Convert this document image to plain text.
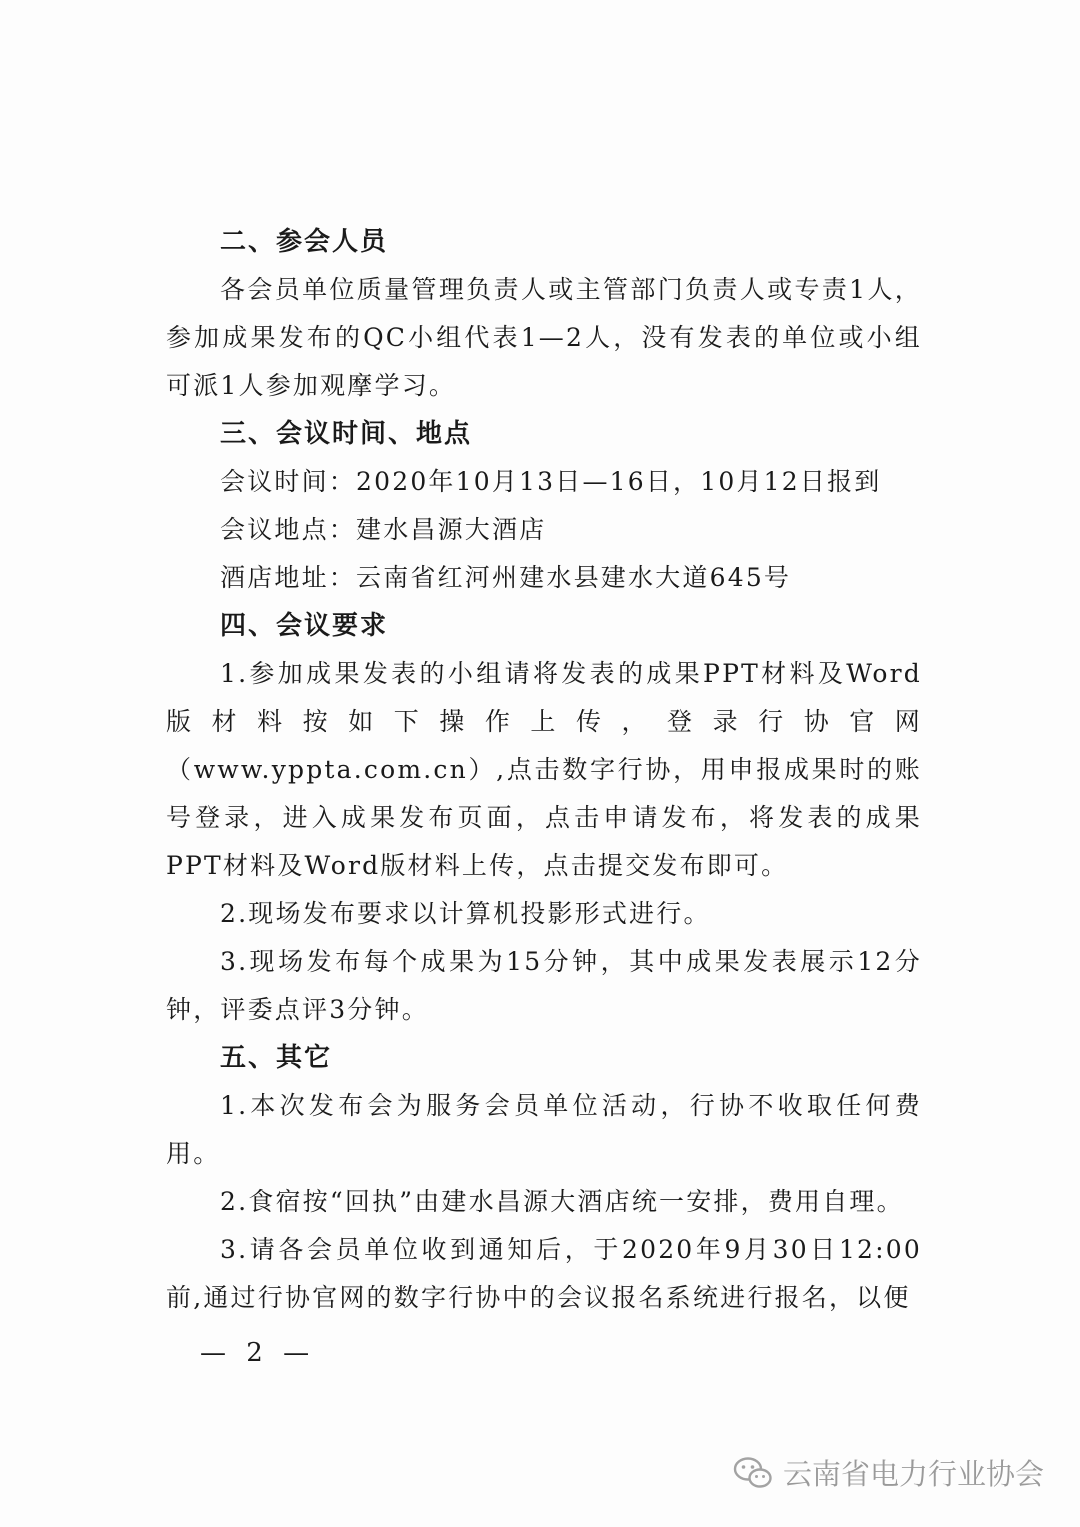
二、参会人员
各会员单位质量管理负责人或主管部门负责人或专责1人，参加成果发布的QC小组代表1—2人，没有发表的单位或小组可派1人参加观摩学习。
三、会议时间、地点
会议时间：2020年10月13日—16日，10月12日报到
会议地点：建水昌源大酒店
酒店地址：云南省红河州建水县建水大道645号
四、会议要求
1.参加成果发表的小组请将发表的成果PPT材料及Word版材料按如下操作上传，登录行协官网（www.yppta.com.cn）,点击数字行协，用申报成果时的账号登录，进入成果发布页面，点击申请发布，将发表的成果PPT材料及Word版材料上传，点击提交发布即可。
2.现场发布要求以计算机投影形式进行。
3.现场发布每个成果为15分钟，其中成果发表展示12分钟，评委点评3分钟。
五、其它
1.本次发布会为服务会员单位活动，行协不收取任何费用。
2.食宿按“回执”由建水昌源大酒店统一安排，费用自理。
3.请各会员单位收到通知后，于2020年9月30日12:00前,通过行协官网的数字行协中的会议报名系统进行报名，以便
— 2 —
云南省电力行业协会
